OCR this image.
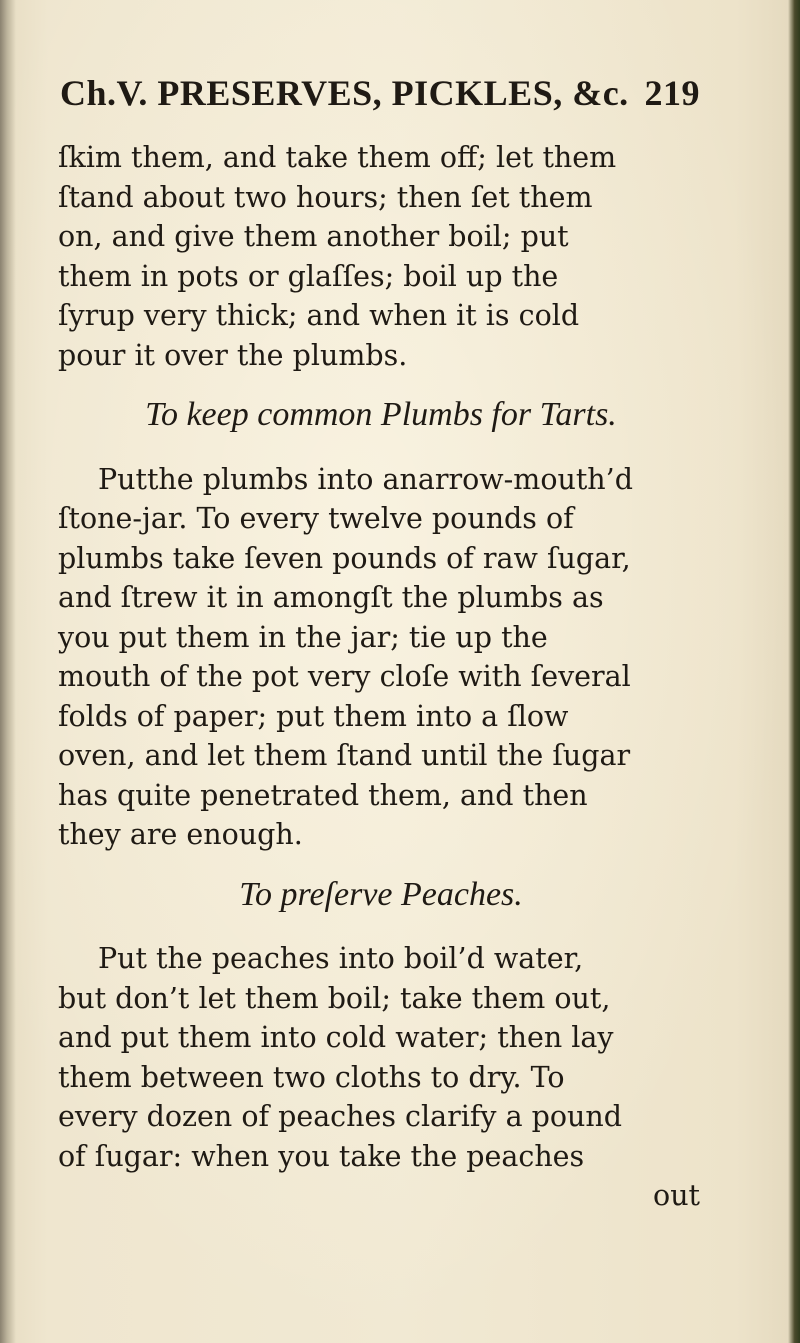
Ch.V. PRESERVES, PICKLES, &c. 219
ſkim them, and take them off; let them
ſtand about two hours; then ſet them
on, and give them another boil; put
them in pots or glaſſes; boil up the
ſyrup very thick; and when it is cold
pour it over the plumbs.
To keep common Plumbs for Tarts.
Putthe plumbs into anarrow-mouth’d
ſtone-jar. To every twelve pounds of
plumbs take ſeven pounds of raw ſugar,
and ſtrew it in amongſt the plumbs as
you put them in the jar; tie up the
mouth of the pot very cloſe with ſeveral
folds of paper; put them into a ſlow
oven, and let them ſtand until the ſugar
has quite penetrated them, and then
they are enough.
To preſerve Peaches.
Put the peaches into boil’d water,
but don’t let them boil; take them out,
and put them into cold water; then lay
them between two cloths to dry. To
every dozen of peaches clarify a pound
of ſugar: when you take the peaches
out
